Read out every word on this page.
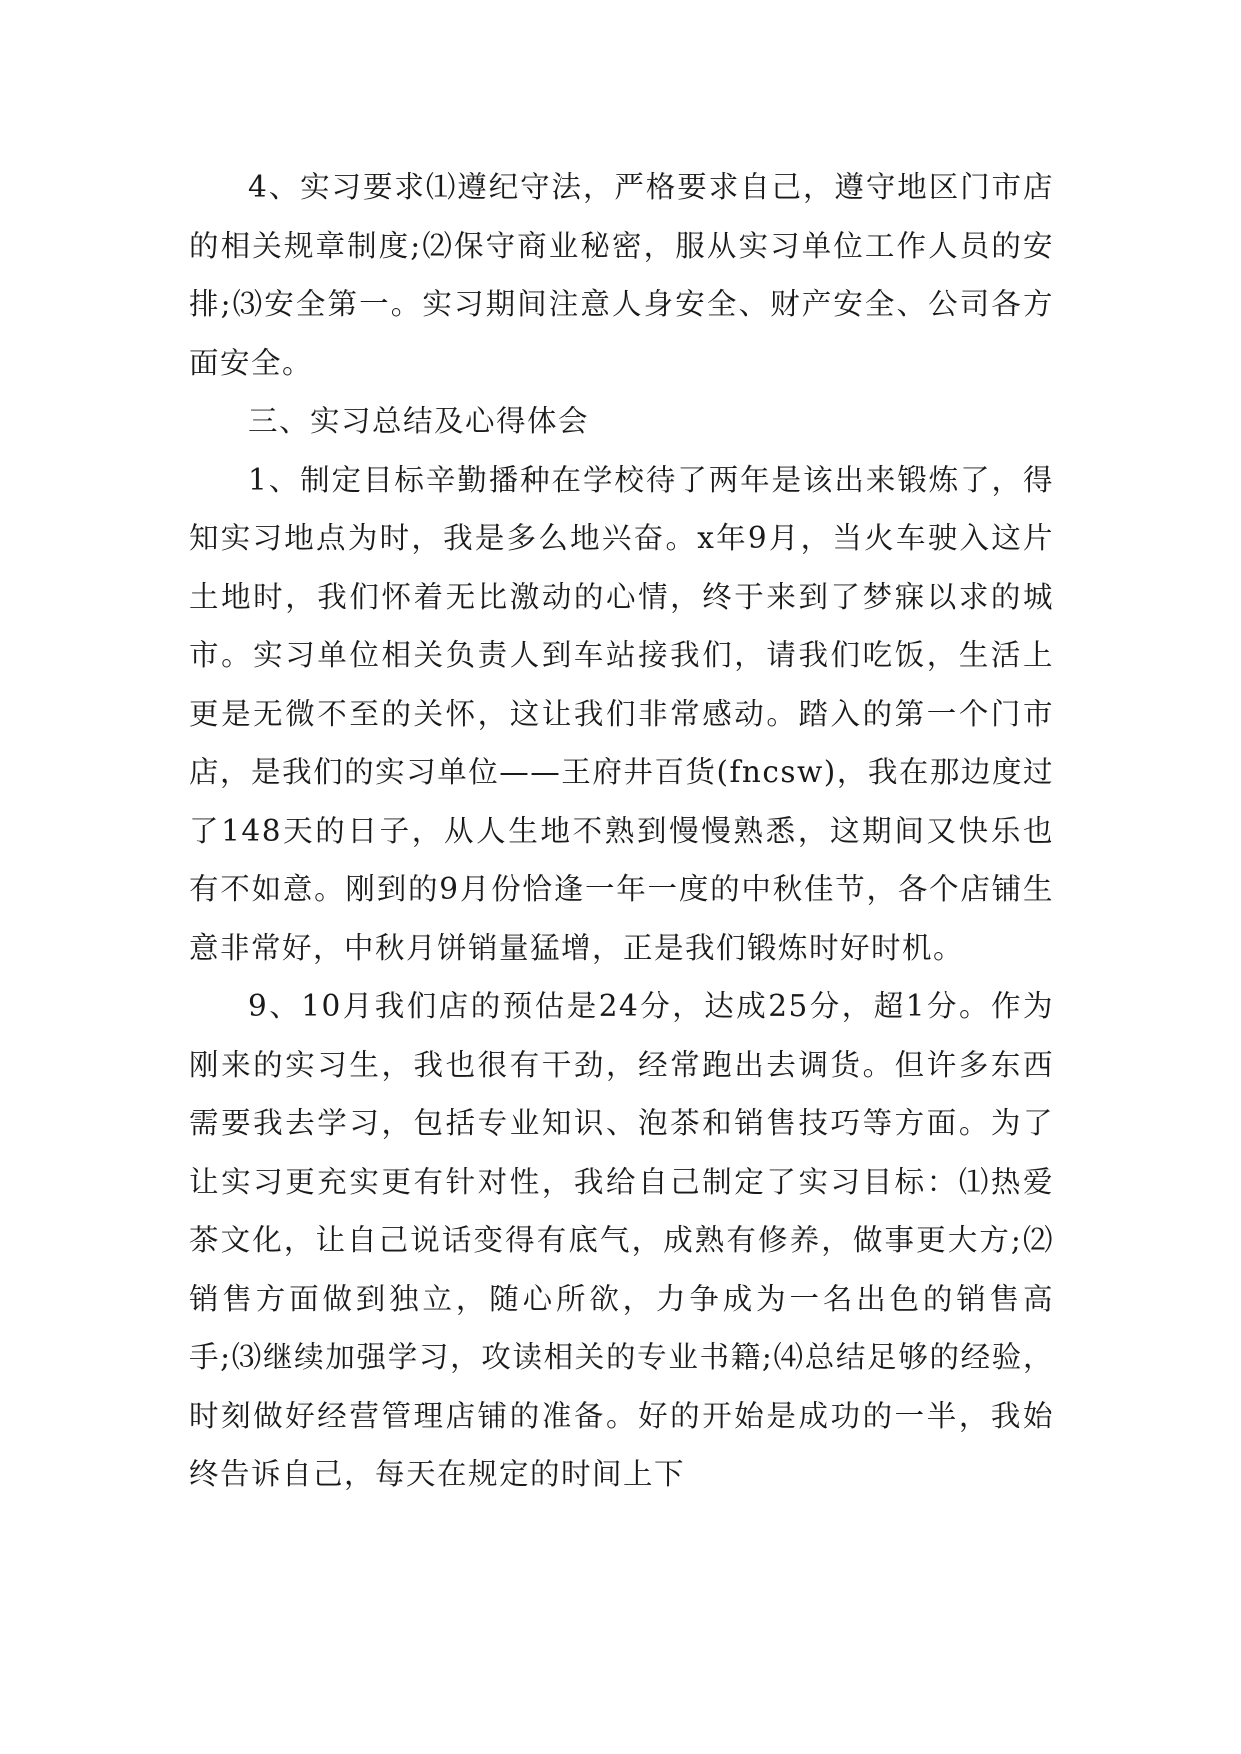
4、实习要求⑴遵纪守法，严格要求自己，遵守地区门市店的相关规章制度;⑵保守商业秘密，服从实习单位工作人员的安排;⑶安全第一。实习期间注意人身安全、财产安全、公司各方面安全。

三、实习总结及心得体会

1、制定目标辛勤播种在学校待了两年是该出来锻炼了，得知实习地点为时，我是多么地兴奋。x年9月，当火车驶入这片土地时，我们怀着无比激动的心情，终于来到了梦寐以求的城市。实习单位相关负责人到车站接我们，请我们吃饭，生活上更是无微不至的关怀，这让我们非常感动。踏入的第一个门市店，是我们的实习单位——王府井百货(fncsw)，我在那边度过了148天的日子，从人生地不熟到慢慢熟悉，这期间又快乐也有不如意。刚到的9月份恰逢一年一度的中秋佳节，各个店铺生意非常好，中秋月饼销量猛增，正是我们锻炼时好时机。

9、10月我们店的预估是24分，达成25分，超1分。作为刚来的实习生，我也很有干劲，经常跑出去调货。但许多东西需要我去学习，包括专业知识、泡茶和销售技巧等方面。为了让实习更充实更有针对性，我给自己制定了实习目标：⑴热爱茶文化，让自己说话变得有底气，成熟有修养，做事更大方;⑵销售方面做到独立，随心所欲，力争成为一名出色的销售高手;⑶继续加强学习，攻读相关的专业书籍;⑷总结足够的经验，时刻做好经营管理店铺的准备。好的开始是成功的一半，我始终告诉自己，每天在规定的时间上下
